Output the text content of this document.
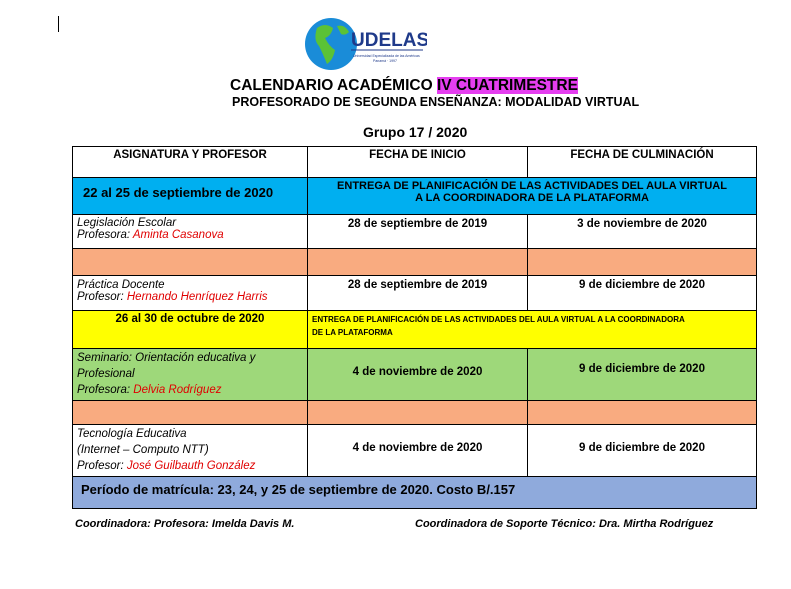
UDELAS
Universidad Especializada de las Américas
Panamá · 1997
CALENDARIO ACADÉMICO IV CUATRIMESTRE
PROFESORADO DE SEGUNDA ENSEÑANZA: MODALIDAD VIRTUAL
Grupo 17 / 2020
ASIGNATURA Y PROFESOR	FECHA DE INICIO	FECHA DE CULMINACIÓN
22 al 25 de septiembre de 2020	ENTREGA DE PLANIFICACIÓN DE LAS ACTIVIDADES DEL AULA VIRTUAL
A LA COORDINADORA DE LA PLATAFORMA	

Legislación Escolar
Profesora: Aminta Casanova	28 de septiembre de 2019	3 de noviembre de 2020

Práctica Docente
Profesor: Hernando Henríquez Harris	28 de septiembre de 2019	9 de diciembre de 2020
26 al 30 de octubre de 2020	ENTREGA DE PLANIFICACIÓN DE LAS ACTIVIDADES DEL AULA VIRTUAL A LA COORDINADORA
DE LA PLATAFORMA	

Seminario: Orientación educativa y
Profesional
Profesora: Delvia Rodríguez	4 de noviembre de 2020	9 de diciembre de 2020

Tecnología Educativa
(Internet – Computo NTT)
Profesor: José Guilbauth González	4 de noviembre de 2020	9 de diciembre de 2020
Período de matrícula: 23, 24, y 25 de septiembre de 2020. Costo B/.157		
Coordinadora: Profesora: Imelda Davis M.	Coordinadora de Soporte Técnico: Dra. Mirtha Rodríguez
